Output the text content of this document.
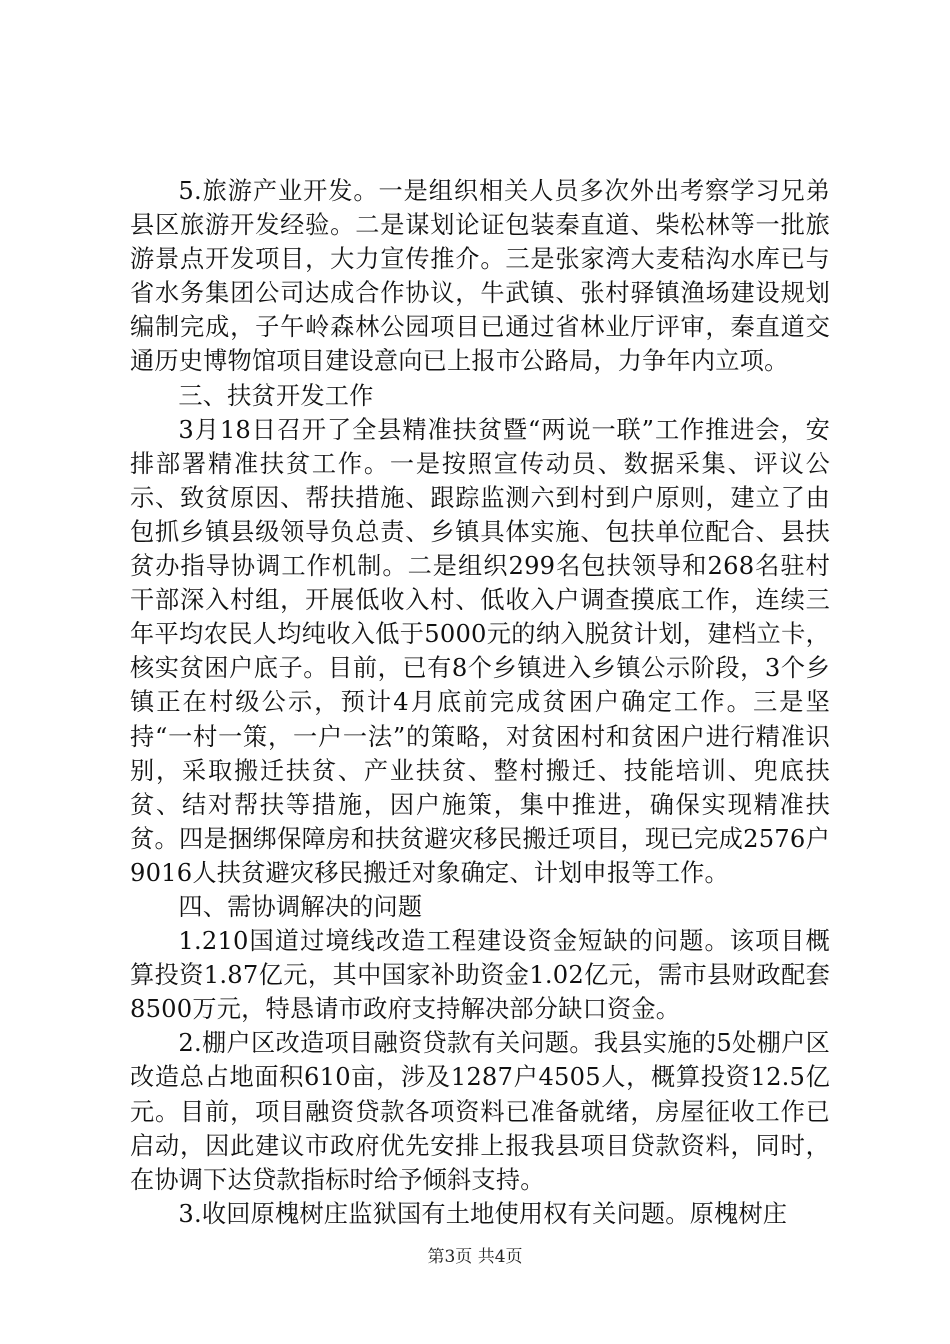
5.旅游产业开发。一是组织相关人员多次外出考察学习兄弟县区旅游开发经验。二是谋划论证包装秦直道、柴松林等一批旅游景点开发项目，大力宣传推介。三是张家湾大麦秸沟水库已与省水务集团公司达成合作协议，牛武镇、张村驿镇渔场建设规划编制完成，子午岭森林公园项目已通过省林业厅评审，秦直道交通历史博物馆项目建设意向已上报市公路局，力争年内立项。

三、扶贫开发工作

3月18日召开了全县精准扶贫暨“两说一联”工作推进会，安排部署精准扶贫工作。一是按照宣传动员、数据采集、评议公示、致贫原因、帮扶措施、跟踪监测六到村到户原则，建立了由包抓乡镇县级领导负总责、乡镇具体实施、包扶单位配合、县扶贫办指导协调工作机制。二是组织299名包扶领导和268名驻村干部深入村组，开展低收入村、低收入户调查摸底工作，连续三年平均农民人均纯收入低于5000元的纳入脱贫计划，建档立卡，核实贫困户底子。目前，已有8个乡镇进入乡镇公示阶段，3个乡镇正在村级公示，预计4月底前完成贫困户确定工作。三是坚持“一村一策，一户一法”的策略，对贫困村和贫困户进行精准识别，采取搬迁扶贫、产业扶贫、整村搬迁、技能培训、兜底扶贫、结对帮扶等措施，因户施策，集中推进，确保实现精准扶贫。四是捆绑保障房和扶贫避灾移民搬迁项目，现已完成2576户9016人扶贫避灾移民搬迁对象确定、计划申报等工作。

四、需协调解决的问题

1.210国道过境线改造工程建设资金短缺的问题。该项目概算投资1.87亿元，其中国家补助资金1.02亿元，需市县财政配套8500万元，特恳请市政府支持解决部分缺口资金。

2.棚户区改造项目融资贷款有关问题。我县实施的5处棚户区改造总占地面积610亩，涉及1287户4505人，概算投资12.5亿元。目前，项目融资贷款各项资料已准备就绪，房屋征收工作已启动，因此建议市政府优先安排上报我县项目贷款资料，同时，在协调下达贷款指标时给予倾斜支持。

3.收回原槐树庄监狱国有土地使用权有关问题。原槐树庄

第3页 共4页
